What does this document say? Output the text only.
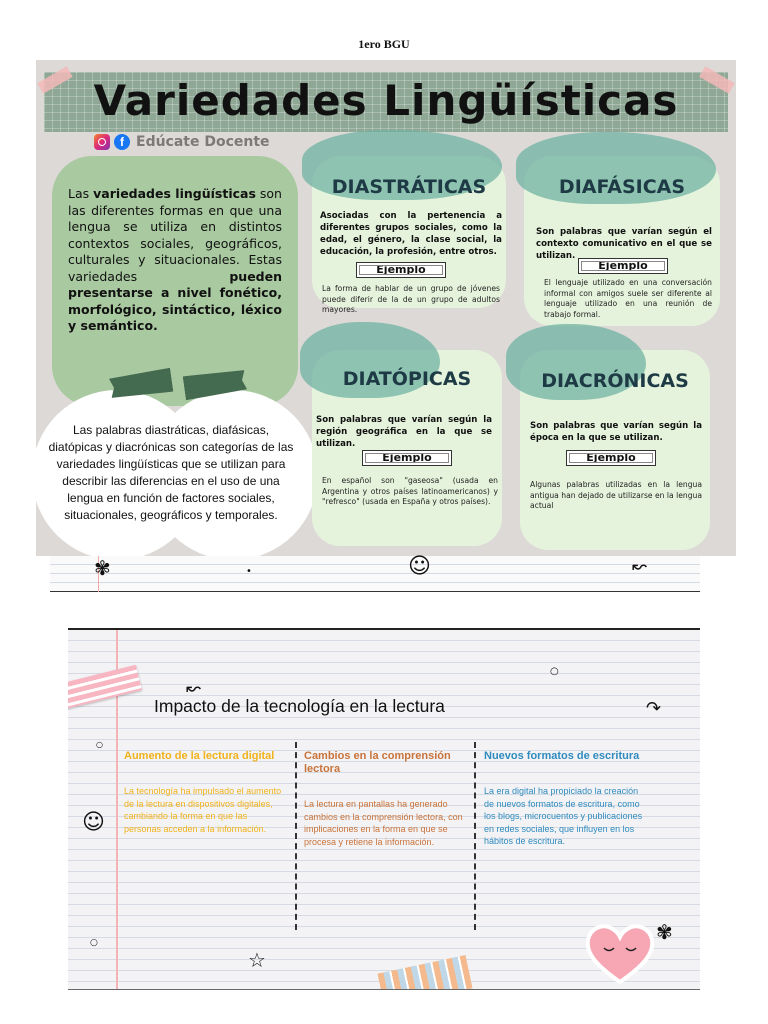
1ero BGU
Variedades Lingüísticas
f Edúcate Docente
Las variedades lingüísticas son las diferentes formas en que una lengua se utiliza en distintos contextos sociales, geográficos, culturales y situacionales. Estas variedades pueden presentarse a nivel fonético, morfológico, sintáctico, léxico y semántico.
Las palabras diastráticas, diafásicas, diatópicas y diacrónicas son categorías de las variedades lingüísticas que se utilizan para describir las diferencias en el uso de una lengua en función de factores sociales, situacionales, geográficos y temporales.
DIASTRÁTICAS
Asociadas con la pertenencia a diferentes grupos sociales, como la edad, el género, la clase social, la educación, la profesión, entre otros.
Ejemplo
La forma de hablar de un grupo de jóvenes puede diferir de la de un grupo de adultos mayores.
DIAFÁSICAS
Son palabras que varían según el contexto comunicativo en el que se utilizan.
Ejemplo
El lenguaje utilizado en una conversación informal con amigos suele ser diferente al lenguaje utilizado en una reunión de trabajo formal.
DIATÓPICAS
Son palabras que varían según la región geográfica en la que se utilizan.
Ejemplo
En español son "gaseosa" (usada en Argentina y otros países latinoamericanos) y "refresco" (usada en España y otros países).
DIACRÓNICAS
Son palabras que varían según la época en la que se utilizan.
Ejemplo
Algunas palabras utilizadas en la lengua antigua han dejado de utilizarse en la lengua actual
✾	•	☺	↜
↜
○
↷
○
☺
○
☆
✾
Impacto de la tecnología en la lectura
Aumento de la lectura digital
La tecnología ha impulsado el aumento de la lectura en dispositivos digitales, cambiando la forma en que las personas acceden a la información.
Cambios en la comprensión lectora
La lectura en pantallas ha generado cambios en la comprensión lectora, con implicaciones en la forma en que se procesa y retiene la información.
Nuevos formatos de escritura
La era digital ha propiciado la creación de nuevos formatos de escritura, como los blogs, microcuentos y publicaciones en redes sociales, que influyen en los hábitos de escritura.
